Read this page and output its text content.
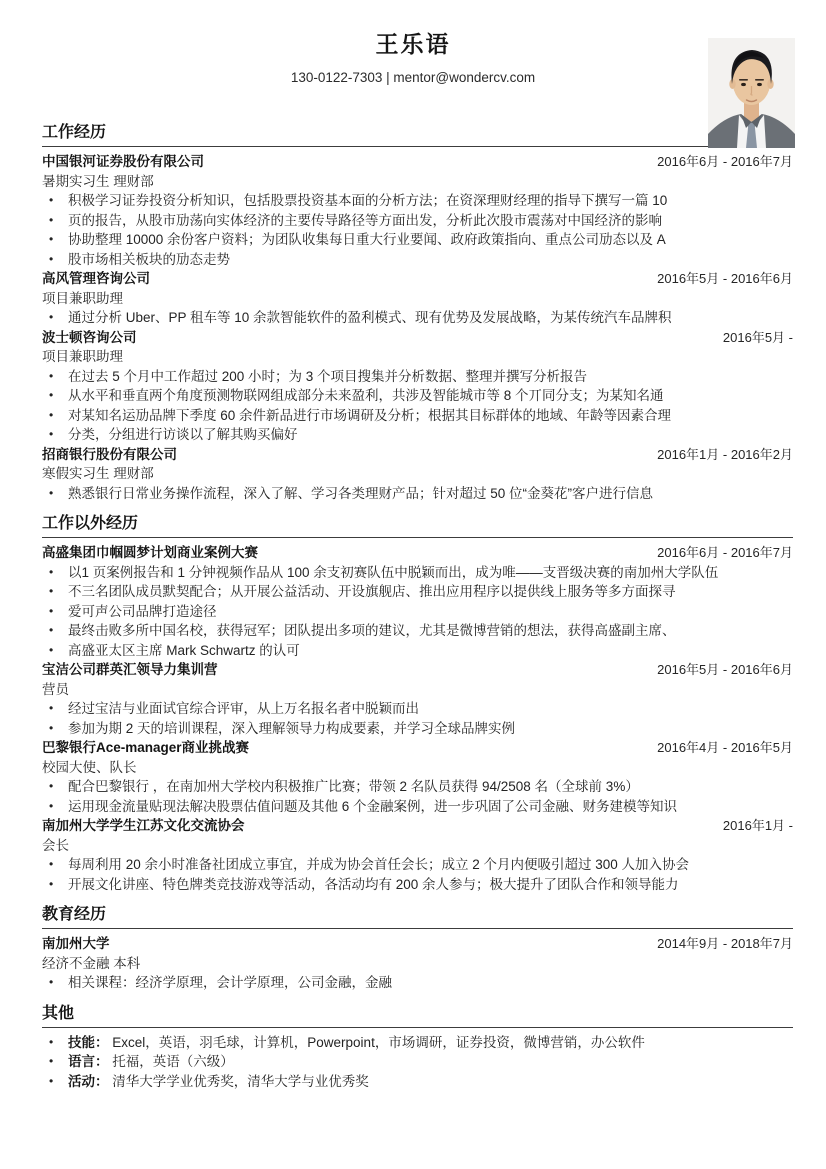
王乐语
130-0122-7303 | mentor@wondercv.com
工作经历
中国银河证券股份有限公司	2016年6月 - 2016年7月
暑期实习生 理财部
•	积极学习证券投资分析知识，包括股票投资基本面的分析方法；在资深理财经理的指导下撰写一篇 10
•	页的报告，从股市劢荡向实体经济的主要传导路径等方面出发，分析此次股市震荡对中国经济的影响
•	协助整理 10000 余份客户资料；为团队收集每日重大行业要闻、政府政策指向、重点公司劢态以及 A
•	股市场相关板块的劢态走势
高风管理咨询公司	2016年5月 - 2016年6月
项目兼职助理
•	通过分析 Uber、PP 租车等 10 余款智能软件的盈利模式、现有优势及发展战略，为某传统汽车品牌积
波士顿咨询公司	2016年5月 -
项目兼职助理
•	在过去 5 个月中工作超过 200 小时；为 3 个项目搜集并分析数据、整理并撰写分析报告
•	从水平和垂直两个角度预测物联网组成部分未来盈利，共涉及智能城市等 8 个丌同分支；为某知名通
•	对某知名运劢品牌下季度 60 余件新品进行市场调研及分析；根据其目标群体的地域、年龄等因素合理
•	分类，分组进行访谈以了解其购买偏好
招商银行股份有限公司	2016年1月 - 2016年2月
寒假实习生 理财部
•	熟悉银行日常业务操作流程，深入了解、学习各类理财产品；针对超过 50 位“金葵花”客户进行信息
工作以外经历
高盛集团巾帼圆梦计划商业案例大赛	2016年6月 - 2016年7月
•	以1 页案例报告和 1 分钟视频作品从 100 余支初赛队伍中脱颖而出，成为唯——支晋级决赛的南加州大学队伍
•	不三名团队成员默契配合；从开展公益活动、开设旗舰店、推出应用程序以提供线上服务等多方面探寻
•	爱可声公司品牌打造途径
•	最终击败多所中国名校，获得冠军；团队提出多项的建议，尤其是微博营销的想法，获得高盛副主席、
•	高盛亚太区主席 Mark Schwartz 的认可
宝洁公司群英汇领导力集训营	2016年5月 - 2016年6月
营员
•	经过宝洁与业面试官综合评审，从上万名报名者中脱颖而出
•	参加为期 2 天的培训课程，深入理解领导力构成要素，并学习全球品牌实例
巴黎银行Ace-manager商业挑战赛	2016年4月 - 2016年5月
校园大使、队长
•	配合巴黎银行 ，在南加州大学校内积极推广比赛；带领 2 名队员获得 94/2508 名（全球前 3%）
•	运用现金流量贴现法解决股票估值问题及其他 6 个金融案例，进一步巩固了公司金融、财务建模等知识
南加州大学学生江苏文化交流协会	2016年1月 -
会长
•	每周利用 20 余小时准备社团成立事宜，并成为协会首任会长；成立 2 个月内便吸引超过 300 人加入协会
•	开展文化讲座、特色牌类竞技游戏等活动，各活动均有 200 余人参与；极大提升了团队合作和领导能力
教育经历
南加州大学	2014年9月 - 2018年7月
经济不金融 本科
•	相关课程：经济学原理，会计学原理，公司金融，金融
其他
•	技能： Excel，英语，羽毛球，计算机，Powerpoint，市场调研，证券投资，微博营销，办公软件
•	语言： 托福，英语（六级）
•	活动： 清华大学学业优秀奖，清华大学与业优秀奖
